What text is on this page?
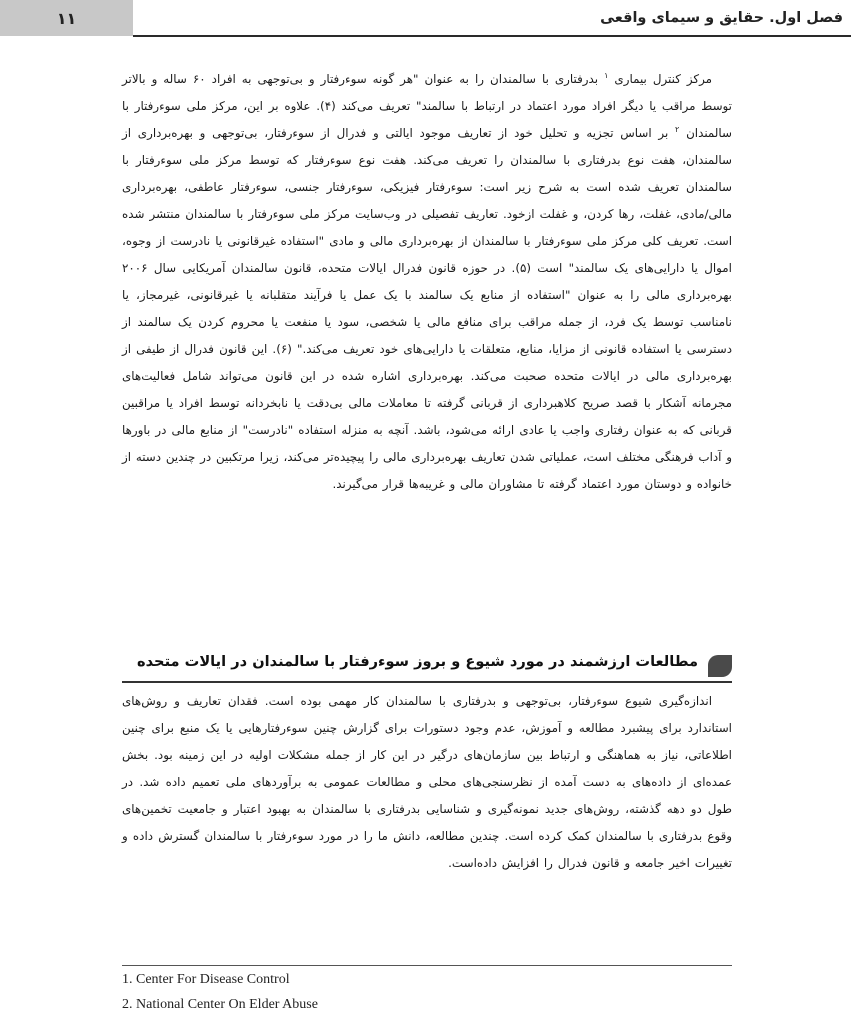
۱۱	فصل اول. حقایق و سیمای واقعی
مرکز کنترل بیماری $^۱$ بدرفتاری با سالمندان را به عنوان "هر گونه سوءرفتار و بی‌توجهی به افراد ۶۰ ساله و بالاتر توسط مراقب یا دیگر افراد مورد اعتماد در ارتباط با سالمند" تعریف می‌کند (۴). علاوه بر این، مرکز ملی سوءرفتار با سالمندان $^۲$ بر اساس تجزیه و تحلیل خود از تعاریف موجود ایالتی و فدرال از سوءرفتار، بی‌توجهی و بهره‌برداری از سالمندان، هفت نوع بدرفتاری با سالمندان را تعریف می‌کند. هفت نوع سوءرفتار که توسط مرکز ملی سوءرفتار با سالمندان تعریف شده است به شرح زیر است: سوءرفتار فیزیکی، سوءرفتار جنسی، سوءرفتار عاطفی، بهره‌برداری مالی/مادی، غفلت، رها کردن، و غفلت ازخود. تعاریف تفصیلی در وب‌سایت مرکز ملی سوءرفتار با سالمندان منتشر شده است. تعریف کلی مرکز ملی سوءرفتار با سالمندان از بهره‌برداری مالی و مادی "استفاده غیرقانونی یا نادرست از وجوه، اموال یا دارایی‌های یک سالمند" است (۵). در حوزه قانون فدرال ایالات متحده، قانون سالمندان آمریکایی سال ۲۰۰۶ بهره‌برداری مالی را به عنوان "استفاده از منابع یک سالمند با یک عمل یا فرآیند متقلبانه یا غیرقانونی، غیرمجاز، یا نامناسب توسط یک فرد، از جمله مراقب برای منافع مالی یا شخصی، سود یا منفعت یا محروم کردن یک سالمند از دسترسی یا استفاده قانونی از مزایا، منابع، متعلقات یا دارایی‌های خود تعریف می‌کند." (۶). این قانون فدرال از طیفی از بهره‌برداری مالی در ایالات متحده صحبت می‌کند. بهره‌برداری اشاره شده در این قانون می‌تواند شامل فعالیت‌های مجرمانه آشکار با قصد صریح کلاهبرداری از قربانی گرفته تا معاملات مالی بی‌دقت یا نابخردانه توسط افراد یا مراقبین قربانی که به عنوان رفتاری واجب یا عادی ارائه می‌شود، باشد. آنچه به منزله استفاده "نادرست" از منابع مالی در باورها و آداب فرهنگی مختلف است، عملیاتی شدن تعاریف بهره‌برداری مالی را پیچیده‌تر می‌کند، زیرا مرتکبین در چندین دسته از خانواده و دوستان مورد اعتماد گرفته تا مشاوران مالی و غریبه‌ها قرار می‌گیرند.
مطالعات ارزشمند در مورد شیوع و بروز سوءرفتار با سالمندان در ایالات متحده
اندازه‌گیری شیوع سوءرفتار، بی‌توجهی و بدرفتاری با سالمندان کار مهمی بوده است. فقدان تعاریف و روش‌های استاندارد برای پیشبرد مطالعه و آموزش، عدم وجود دستورات برای گزارش چنین سوءرفتارهایی یا یک منبع برای چنین اطلاعاتی، نیاز به هماهنگی و ارتباط بین سازمان‌های درگیر در این کار از جمله مشکلات اولیه در این زمینه بود. بخش عمده‌ای از داده‌های به دست آمده از نظرسنجی‌های محلی و مطالعات عمومی به برآوردهای ملی تعمیم داده شد. در طول دو دهه گذشته، روش‌های جدید نمونه‌گیری و شناسایی بدرفتاری با سالمندان به بهبود اعتبار و جامعیت تخمین‌های وقوع بدرفتاری با سالمندان کمک کرده است. چندین مطالعه، دانش ما را در مورد سوءرفتار با سالمندان گسترش داده و تغییرات اخیر جامعه و قانون فدرال را افزایش داده‌است.
1. Center For Disease Control
2. National Center On Elder Abuse
